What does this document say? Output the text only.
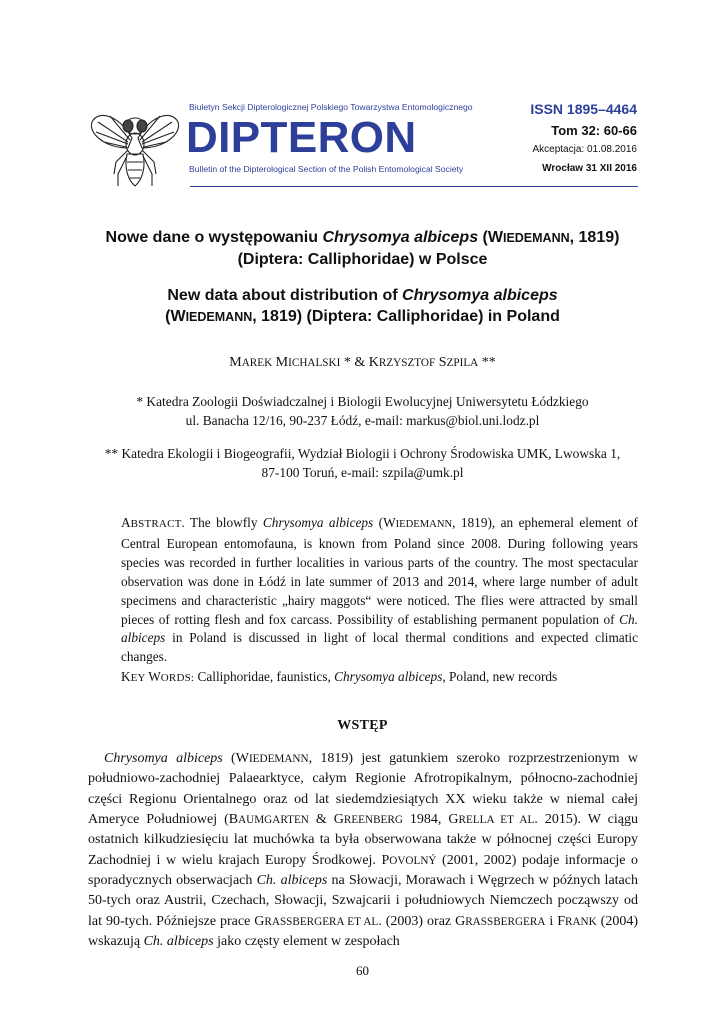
Biuletyn Sekcji Dipterologicznej Polskiego Towarzystwa Entomologicznego
DIPTERON
Bulletin of the Dipterological Section of the Polish Entomological Society
ISSN 1895–4464
Tom 32: 60-66
Akceptacja: 01.08.2016
Wrocław 31 XII 2016
Nowe dane o występowaniu Chrysomya albiceps (WIEDEMANN, 1819)
(Diptera: Calliphoridae) w Polsce
New data about distribution of Chrysomya albiceps
(WIEDEMANN, 1819) (Diptera: Calliphoridae) in Poland
MAREK MICHALSKI * & KRZYSZTOF SZPILA **
* Katedra Zoologii Doświadczalnej i Biologii Ewolucyjnej Uniwersytetu Łódzkiego
ul. Banacha 12/16, 90-237 Łódź, e-mail: markus@biol.uni.lodz.pl
** Katedra Ekologii i Biogeografii, Wydział Biologii i Ochrony Środowiska UMK, Lwowska 1,
87-100 Toruń, e-mail: szpila@umk.pl

ABSTRACT. The blowfly Chrysomya albiceps (WIEDEMANN, 1819), an ephemeral element of Central European entomofauna, is known from Poland since 2008. During following years species was recorded in further localities in various parts of the country. The most spectacular observation was done in Łódź in late summer of 2013 and 2014, where large number of adult specimens and characteristic „hairy maggots“ were noticed. The flies were attracted by small pieces of rotting flesh and fox carcass. Possibility of establishing permanent population of Ch. albiceps in Poland is discussed in light of local thermal conditions and expected climatic changes.

KEY WORDS: Calliphoridae, faunistics, Chrysomya albiceps, Poland, new records

WSTĘP

Chrysomya albiceps (WIEDEMANN, 1819) jest gatunkiem szeroko rozprzestrzenionym w południowo-zachodniej Palaearktyce, całym Regionie Afrotropikalnym, północno-zachodniej części Regionu Orientalnego oraz od lat siedemdziesiątych XX wieku także w niemal całej Ameryce Południowej (BAUMGARTEN & GREENBERG 1984, GRELLA ET AL. 2015). W ciągu ostatnich kilkudziesięciu lat muchówka ta była obserwowana także w północnej części Europy Zachodniej i w wielu krajach Europy Środkowej. POVOLNÝ (2001, 2002) podaje informacje o sporadycznych obserwacjach Ch. albiceps na Słowacji, Morawach i Węgrzech w późnych latach 50-tych oraz Austrii, Czechach, Słowacji, Szwajcarii i południowych Niemczech począwszy od lat 90-tych. Późniejsze prace GRASSBERGERA ET AL. (2003) oraz GRASSBERGERA i FRANK (2004) wskazują Ch. albiceps jako częsty element w zespołach

60
